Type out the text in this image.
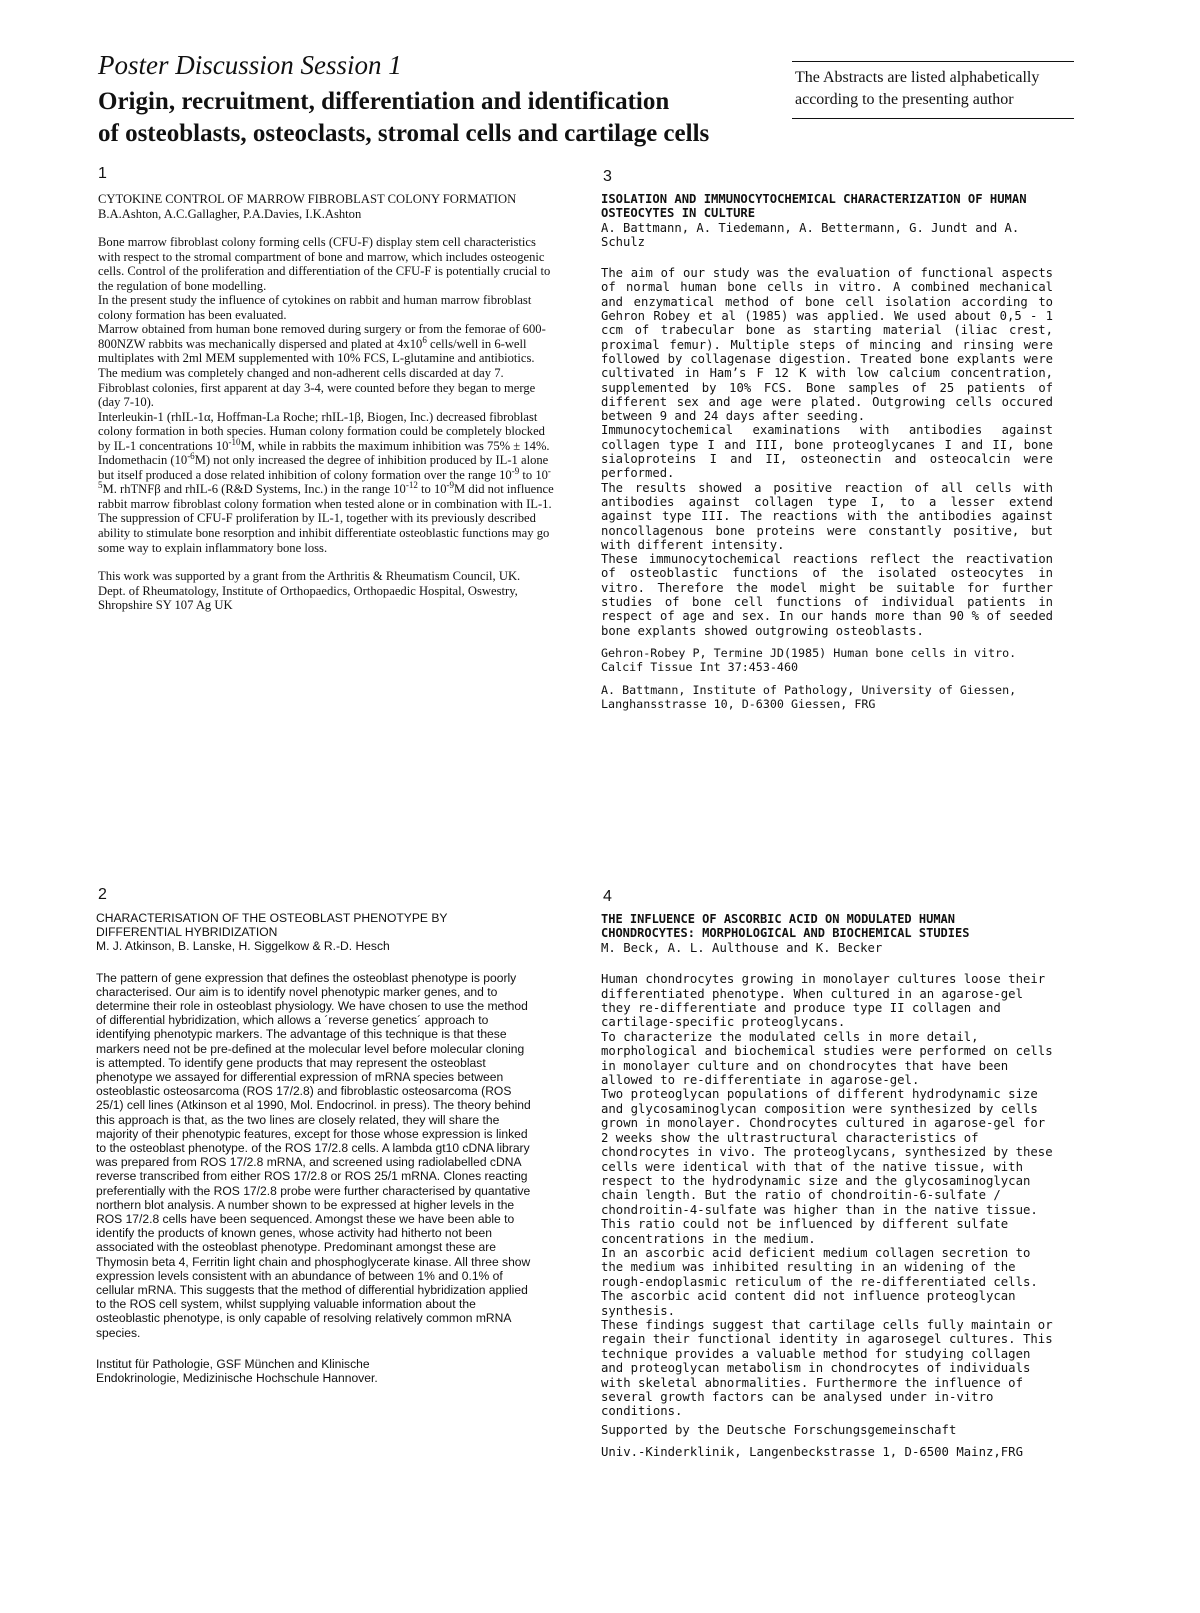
Poster Discussion Session 1
Origin, recruitment, differentiation and identification
of osteoblasts, osteoclasts, stromal cells and cartilage cells
The Abstracts are listed alphabetically
according to the presenting author
1

CYTOKINE CONTROL OF MARROW FIBROBLAST COLONY FORMATION

B.A.Ashton, A.C.Gallagher, P.A.Davies, I.K.Ashton

Bone marrow fibroblast colony forming cells (CFU-F) display stem cell characteristics with respect to the stromal compartment of bone and marrow, which includes osteogenic cells. Control of the proliferation and differentiation of the CFU-F is potentially crucial to the regulation of bone modelling.

In the present study the influence of cytokines on rabbit and human marrow fibroblast colony formation has been evaluated.

Marrow obtained from human bone removed during surgery or from the femorae of 600-800NZW rabbits was mechanically dispersed and plated at $4x10^6$ cells/well in 6-well multiplates with 2ml MEM supplemented with 10% FCS, L-glutamine and antibiotics. The medium was completely changed and non-adherent cells discarded at day 7. Fibroblast colonies, first apparent at day 3-4, were counted before they began to merge (day 7-10).

Interleukin-1 (rhIL-1α, Hoffman-La Roche; rhIL-1β, Biogen, Inc.) decreased fibroblast colony formation in both species. Human colony formation could be completely blocked by IL-1 concentrations $10^{-10}M$, while in rabbits the maximum inhibition was 75% ± 14%. Indomethacin $(10^{-6}M)$ not only increased the degree of inhibition produced by IL-1 alone but itself produced a dose related inhibition of colony formation over the range $10^{-9}$ to $10^{-5}M$. rhTNFβ and rhIL-6 (R&D Systems, Inc.) in the range $10^{-12}$ to $10^{-9}M$ did not influence rabbit marrow fibroblast colony formation when tested alone or in combination with IL-1.

The suppression of CFU-F proliferation by IL-1, together with its previously described ability to stimulate bone resorption and inhibit differentiate osteoblastic functions may go some way to explain inflammatory bone loss.

This work was supported by a grant from the Arthritis & Rheumatism Council, UK.

Dept. of Rheumatology, Institute of Orthopaedics, Orthopaedic Hospital, Oswestry, Shropshire SY 107 Ag UK

2

CHARACTERISATION OF THE OSTEOBLAST PHENOTYPE BY

DIFFERENTIAL HYBRIDIZATION

M. J. Atkinson, B. Lanske, H. Siggelkow & R.-D. Hesch

The pattern of gene expression that defines the osteoblast phenotype is poorly characterised. Our aim is to identify novel phenotypic marker genes, and to determine their role in osteoblast physiology. We have chosen to use the method of differential hybridization, which allows a ´reverse genetics´ approach to identifying phenotypic markers. The advantage of this technique is that these markers need not be pre-defined at the molecular level before molecular cloning is attempted. To identify gene products that may represent the osteoblast phenotype we assayed for differential expression of mRNA species between osteoblastic osteosarcoma (ROS 17/2.8) and fibroblastic osteosarcoma (ROS 25/1) cell lines (Atkinson et al 1990, Mol. Endocrinol. in press). The theory behind this approach is that, as the two lines are closely related, they will share the majority of their phenotypic features, except for those whose expression is linked to the osteoblast phenotype. of the ROS 17/2.8 cells. A lambda gt10 cDNA library was prepared from ROS 17/2.8 mRNA, and screened using radiolabelled cDNA reverse transcribed from either ROS 17/2.8 or ROS 25/1 mRNA. Clones reacting preferentially with the ROS 17/2.8 probe were further characterised by quantative northern blot analysis. A number shown to be expressed at higher levels in the ROS 17/2.8 cells have been sequenced. Amongst these we have been able to identify the products of known genes, whose activity had hitherto not been associated with the osteoblast phenotype. Predominant amongst these are Thymosin beta 4, Ferritin light chain and phosphoglycerate kinase. All three show expression levels consistent with an abundance of between 1% and 0.1% of cellular mRNA. This suggests that the method of differential hybridization applied to the ROS cell system, whilst supplying valuable information about the osteoblastic phenotype, is only capable of resolving relatively common mRNA species.

Institut für Pathologie, GSF München and Klinische

Endokrinologie, Medizinische Hochschule Hannover.

3

ISOLATION AND IMMUNOCYTOCHEMICAL CHARACTERIZATION OF HUMAN OSTEOCYTES IN CULTURE

A. Battmann, A. Tiedemann, A. Bettermann, G. Jundt and A. Schulz

The aim of our study was the evaluation of functional aspects of normal human bone cells in vitro. A combined mechanical and enzymatical method of bone cell isolation according to Gehron Robey et al (1985) was applied. We used about 0,5 - 1 ccm of trabecular bone as starting material (iliac crest, proximal femur). Multiple steps of mincing and rinsing were followed by collagenase digestion. Treated bone explants were cultivated in Ham’s F 12 K with low calcium concentration, supplemented by 10% FCS. Bone samples of 25 patients of different sex and age were plated. Outgrowing cells occured between 9 and 24 days after seeding.

Immunocytochemical examinations with antibodies against collagen type I and III, bone proteoglycanes I and II, bone sialoproteins I and II, osteonectin and osteocalcin were performed.

The results showed a positive reaction of all cells with antibodies against collagen type I, to a lesser extend against type III. The reactions with the antibodies against noncollagenous bone proteins were constantly positive, but with different intensity.

These immunocytochemical reactions reflect the reactivation of osteoblastic functions of the isolated osteocytes in vitro. Therefore the model might be suitable for further studies of bone cell functions of individual patients in respect of age and sex. In our hands more than 90 % of seeded bone explants showed outgrowing osteoblasts.

Gehron-Robey P, Termine JD(1985) Human bone cells in vitro. Calcif Tissue Int 37:453-460

A. Battmann, Institute of Pathology, University of Giessen, Langhansstrasse 10, D-6300 Giessen, FRG

4

THE INFLUENCE OF ASCORBIC ACID ON MODULATED HUMAN

CHONDROCYTES: MORPHOLOGICAL AND BIOCHEMICAL STUDIES

M. Beck, A. L. Aulthouse and K. Becker

Human chondrocytes growing in monolayer cultures loose their differentiated phenotype. When cultured in an agarose-gel they re-differentiate and produce type II collagen and cartilage-specific proteoglycans.

To characterize the modulated cells in more detail, morphological and biochemical studies were performed on cells in monolayer culture and on chondrocytes that have been allowed to re-differentiate in agarose-gel.

Two proteoglycan populations of different hydrodynamic size and glycosaminoglycan composition were synthesized by cells grown in monolayer. Chondrocytes cultured in agarose-gel for 2 weeks show the ultrastructural characteristics of chondrocytes in vivo. The proteoglycans, synthesized by these cells were identical with that of the native tissue, with respect to the hydrodynamic size and the glycosaminoglycan chain length. But the ratio of chondroitin-6-sulfate / chondroitin-4-sulfate was higher than in the native tissue. This ratio could not be influenced by different sulfate concentrations in the medium.

In an ascorbic acid deficient medium collagen secretion to the medium was inhibited resulting in an widening of the rough-endoplasmic reticulum of the re-differentiated cells. The ascorbic acid content did not influence proteoglycan synthesis.

These findings suggest that cartilage cells fully maintain or regain their functional identity in agarosegel cultures. This technique provides a valuable method for studying collagen and proteoglycan metabolism in chondrocytes of individuals with skeletal abnormalities. Furthermore the influence of several growth factors can be analysed under in-vitro conditions.

Supported by the Deutsche Forschungsgemeinschaft

Univ.-Kinderklinik, Langenbeckstrasse 1, D-6500 Mainz,FRG
